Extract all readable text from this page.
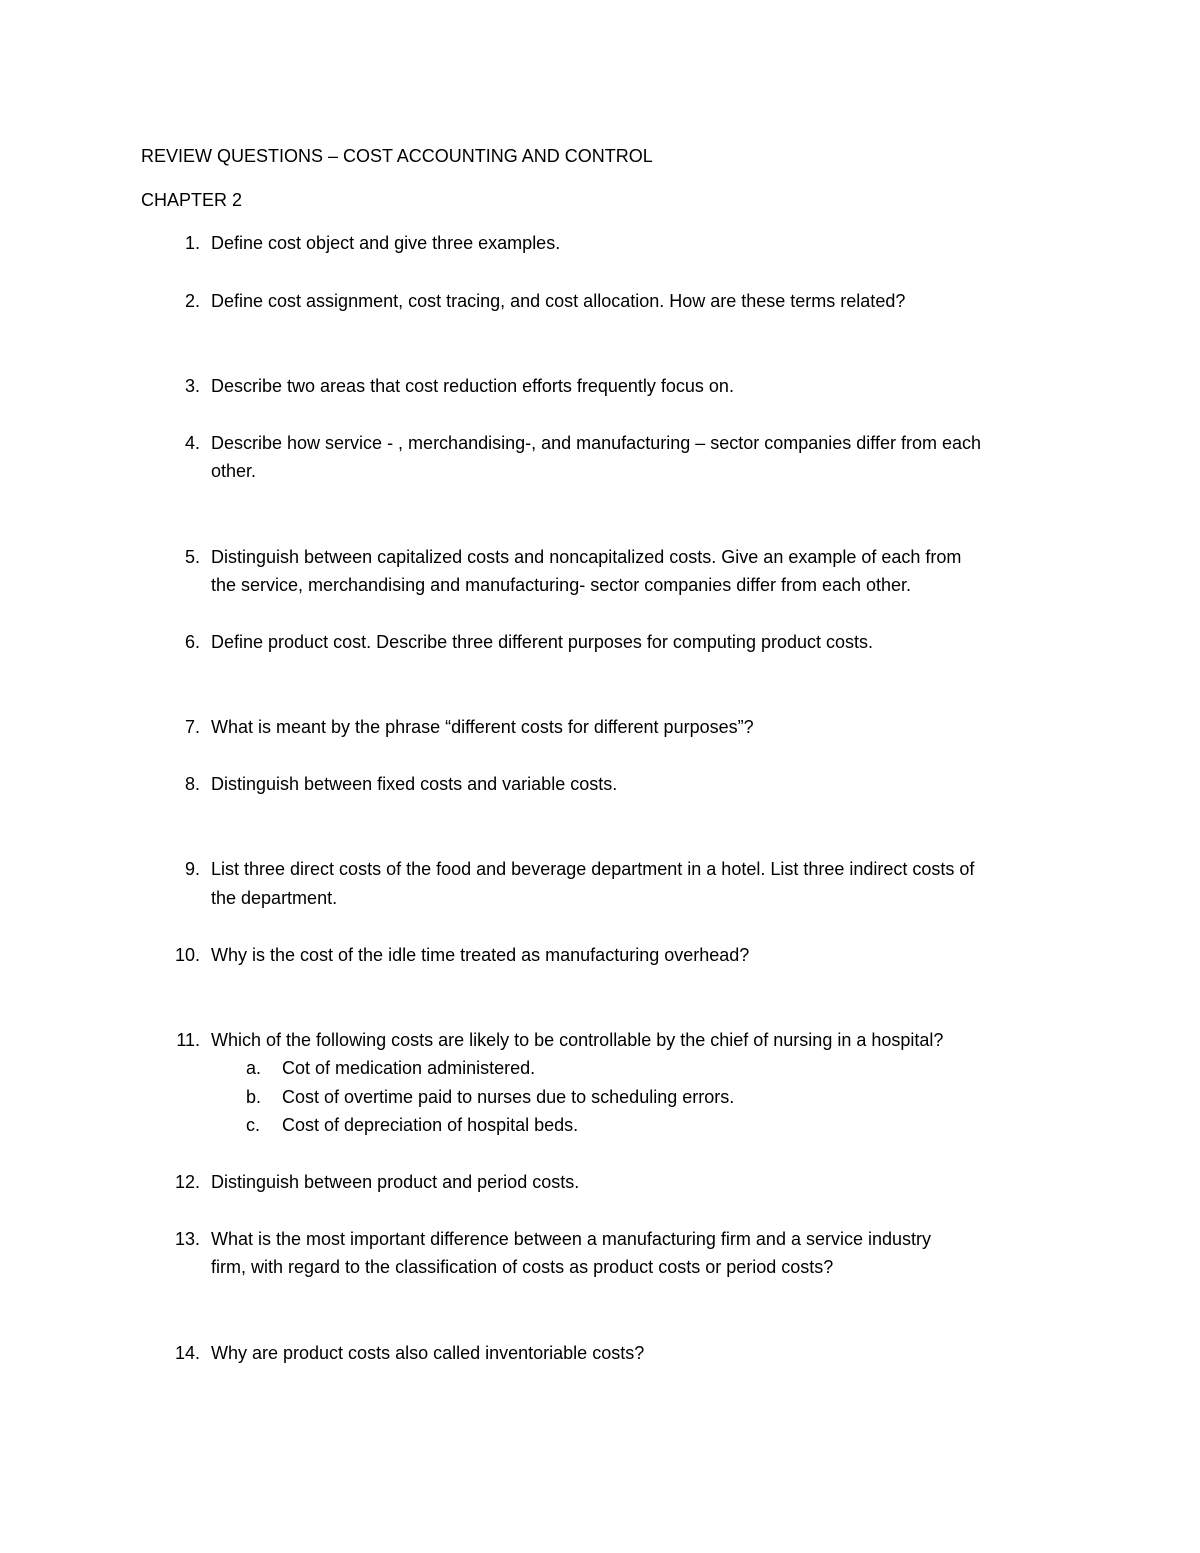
REVIEW QUESTIONS – COST ACCOUNTING AND CONTROL
CHAPTER 2
1. Define cost object and give three examples.
2. Define cost assignment, cost tracing, and cost allocation. How are these terms related?
3. Describe two areas that cost reduction efforts frequently focus on.
4. Describe how service - , merchandising-, and manufacturing – sector companies differ from each
other.
5. Distinguish between capitalized costs and noncapitalized costs. Give an example of each from
the service, merchandising and manufacturing- sector companies differ from each other.
6. Define product cost. Describe three different purposes for computing product costs.
7. What is meant by the phrase “different costs for different purposes”?
8. Distinguish between fixed costs and variable costs.
9. List three direct costs of the food and beverage department in a hotel. List three indirect costs of
the department.
10. Why is the cost of the idle time treated as manufacturing overhead?
11. Which of the following costs are likely to be controllable by the chief of nursing in a hospital?
a. Cot of medication administered.
b. Cost of overtime paid to nurses due to scheduling errors.
c. Cost of depreciation of hospital beds.
12. Distinguish between product and period costs.
13. What is the most important difference between a manufacturing firm and a service industry
firm, with regard to the classification of costs as product costs or period costs?
14. Why are product costs also called inventoriable costs?
